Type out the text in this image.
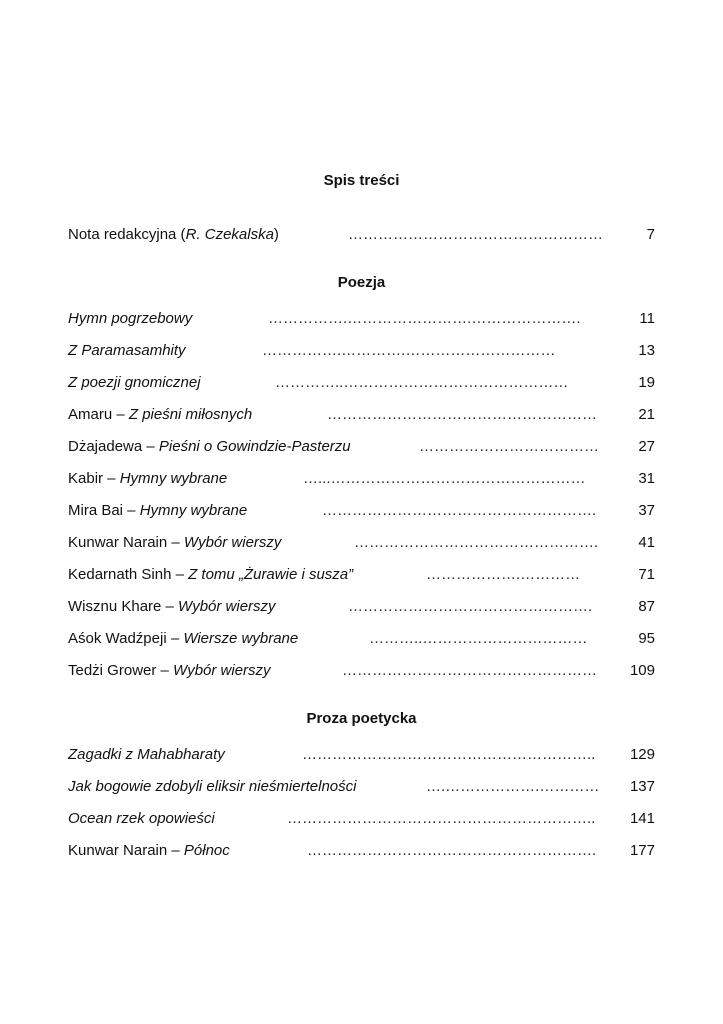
Spis treści
Nota redakcyjna (R. Czekalska)	……………………………………………	7
Poezja
Hymn pogrzebowy	…………….…………………….………………….	11
Z Paramasamhity	…………….………….…………………………	13
Z poezji gnomicznej	…………..………………………………………	19
Amaru – Z pieśni miłosnych	………………………………………………	21
Dżajadewa – Pieśni o Gowindzie-Pasterzu	………………………………	27
Kabir – Hymny wybrane	…...……………………………………………	31
Mira Bai – Hymny wybrane	……………………………………………….	37
Kunwar Narain – Wybór wierszy	………………………………………….	41
Kedarnath Sinh – Z tomu „Żurawie i susza”	……………….…………	71
Wisznu Khare – Wybór wierszy	………………………………………….	87
Aśok Wadźpeji – Wiersze wybrane	………..……………………………	95
Tedżi Grower – Wybór wierszy	…………………………………………… 109
Proza poetycka
Zagadki z Mahabharaty	………………………………………………….. 129
Jak bogowie zdobyli eliksir nieśmiertelności	….……………….………… 137
Ocean rzek opowieści	…………………………………………………….. 141
Kunwar Narain – Północ	…………………………………………………. 177
